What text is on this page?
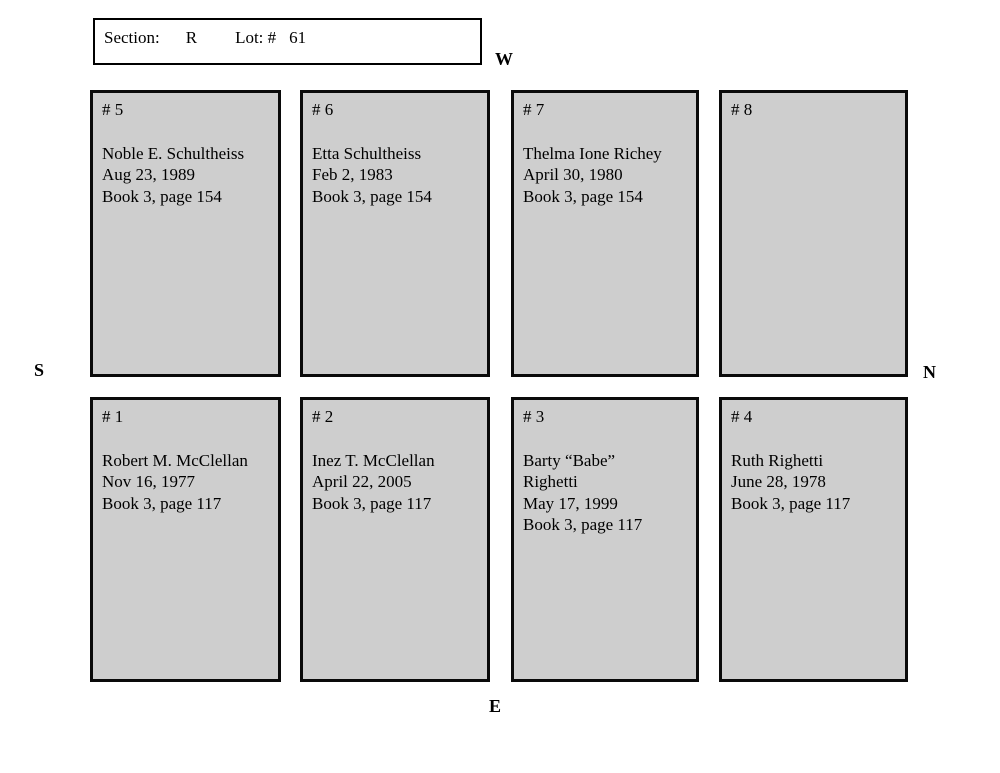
Section: R Lot: # 61
W
S	N
E
# 5
Noble E. Schultheiss
Aug 23, 1989
Book 3, page 154
# 6
Etta Schultheiss
Feb 2, 1983
Book 3, page 154
# 7
Thelma Ione Richey
April 30, 1980
Book 3, page 154
# 8
# 1
Robert M. McClellan
Nov 16, 1977
Book 3, page 117
# 2
Inez T. McClellan
April 22, 2005
Book 3, page 117
# 3
Barty “Babe”
Righetti
May 17, 1999
Book 3, page 117
# 4
Ruth Righetti
June 28, 1978
Book 3, page 117
